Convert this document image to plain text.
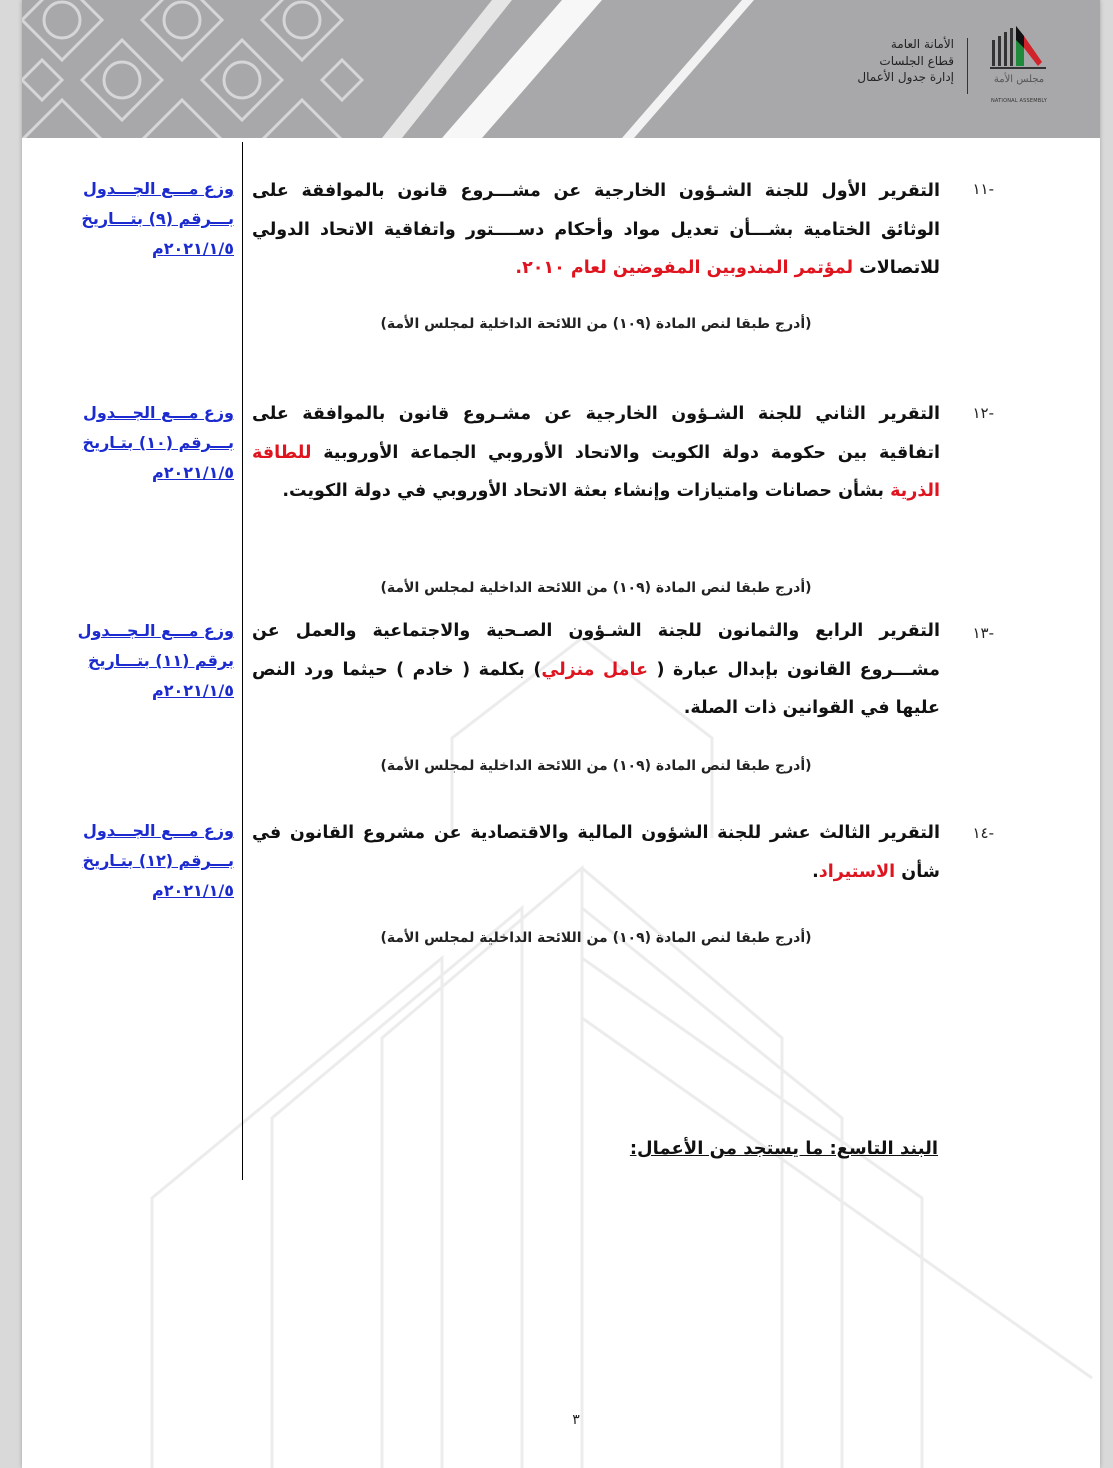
الأمانة العامة
قطاع الجلسات
إدارة جدول الأعمال	مجلس الأمة
NATIONAL ASSEMBLY
-١١
التقرير الأول للجنة الشـؤون الخارجية عن مشـــروع قانون بالموافقة على الوثائق الختامية بشـــأن تعديل مواد وأحكام دســــتور واتفاقية الاتحاد الدولي للاتصالات لمؤتمر المندوبين المفوضين لعام ٢٠١٠.
(أدرج طبقا لنص المادة (١٠٩) من اللائحة الداخلية لمجلس الأمة)
وزع مـــع الجـــدول
بـــرقم (٩) بتـــاريخ
٢٠٢١/١/٥م
-١٢
التقرير الثاني للجنة الشـؤون الخارجية عن مشـروع قانون بالموافقة على اتفاقية بين حكومة دولة الكويت والاتحاد الأوروبي الجماعة الأوروبية للطاقة الذرية بشأن حصانات وامتيازات وإنشاء بعثة الاتحاد الأوروبي في دولة الكويت.
(أدرج طبقا لنص المادة (١٠٩) من اللائحة الداخلية لمجلس الأمة)
وزع مـــع الجـــدول
بـــرقم (١٠) بتـاريخ
٢٠٢١/١/٥م
-١٣
التقرير الرابع والثمانون للجنة الشـؤون الصـحية والاجتماعية والعمل عن مشـــروع القانون بإبدال عبارة ( عامل منزلي) بكلمة ( خادم ) حيثما ورد النص عليها في القوانين ذات الصلة.
(أدرج طبقا لنص المادة (١٠٩) من اللائحة الداخلية لمجلس الأمة)
وزع مـــع الـجـــدول
برقم (١١) بتـــاريخ
٢٠٢١/١/٥م
-١٤
التقرير الثالث عشر للجنة الشؤون المالية والاقتصادية عن مشروع القانون في شأن الاستيراد.
(أدرج طبقا لنص المادة (١٠٩) من اللائحة الداخلية لمجلس الأمة)
وزع مـــع الجـــدول
بـــرقم (١٢) بتـاريخ
٢٠٢١/١/٥م
البند التاسع: ما يستجد من الأعمال:
٣
